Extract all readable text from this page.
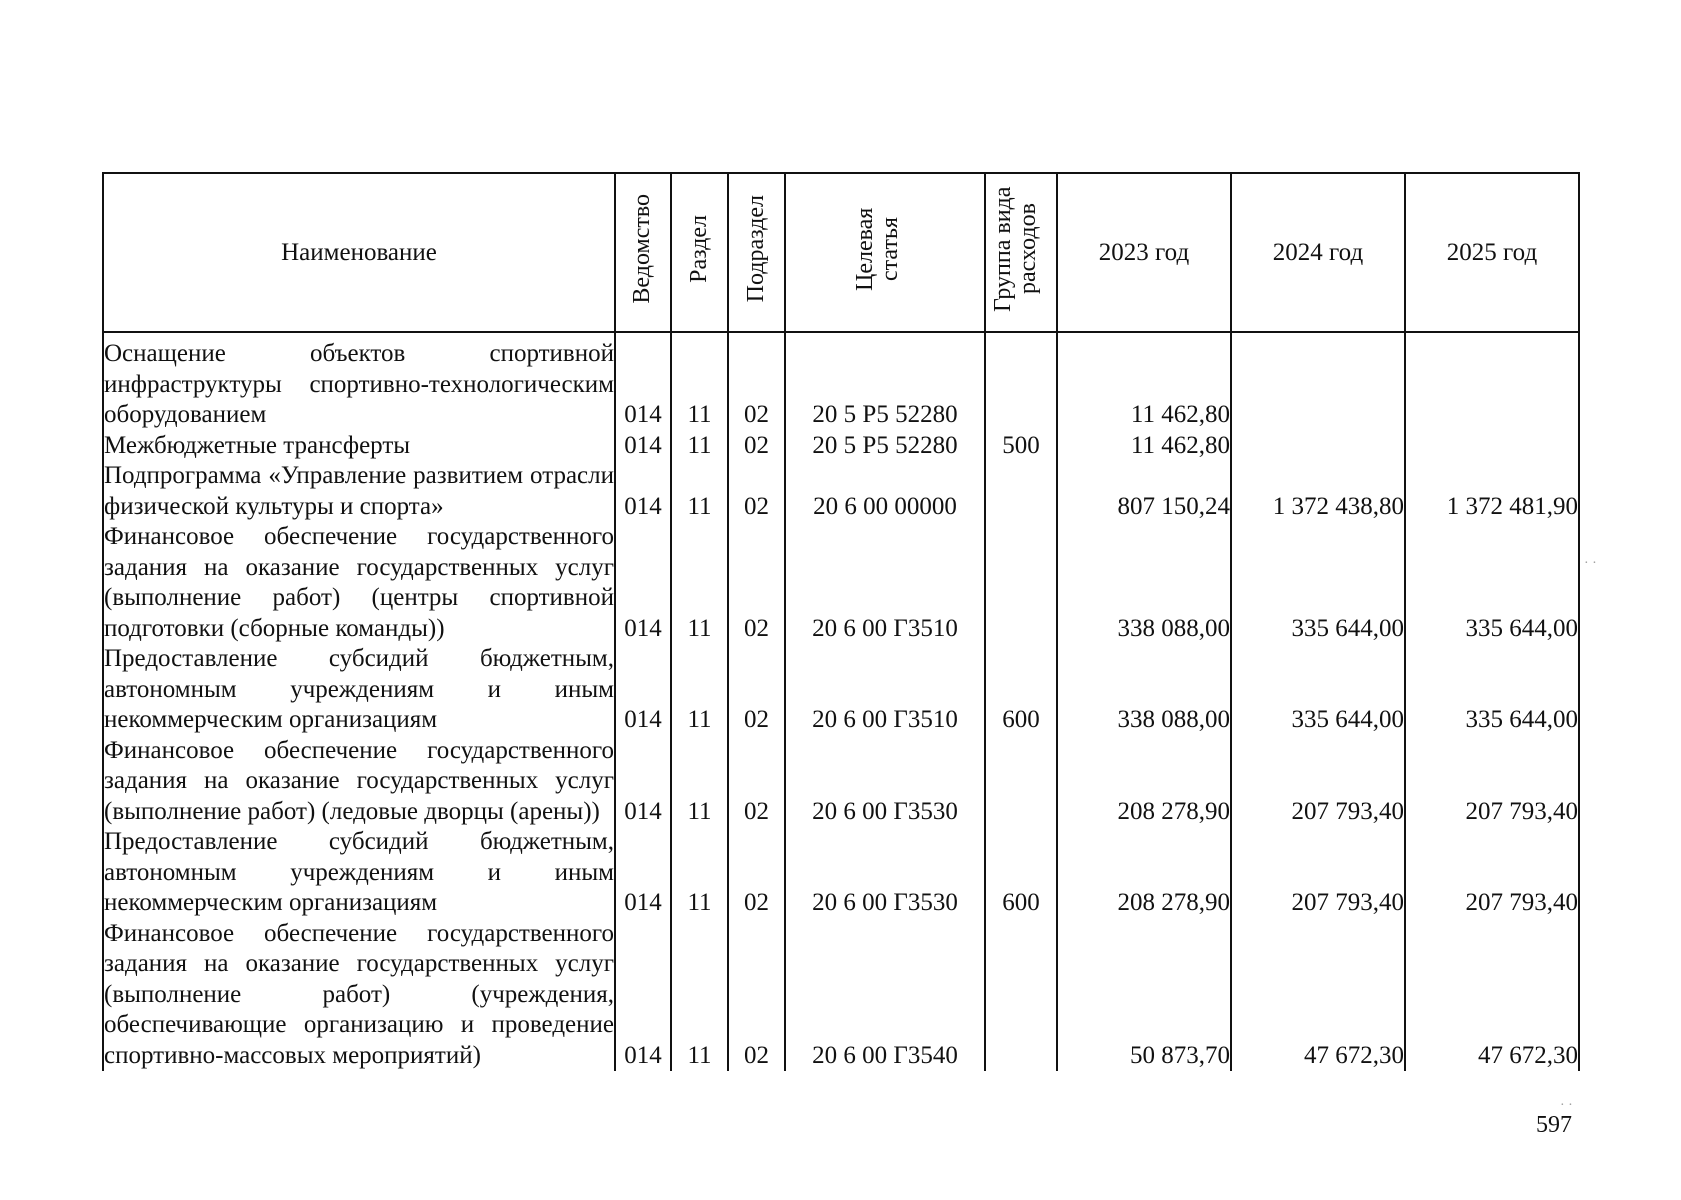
Наименование	Ведомство	Раздел	Подраздел	Целевая статья	Группа вида расходов	2023 год	2024 год	2025 год
Оснащение объектов спортивной инфраструктуры спортивно-технологическим оборудованием	014	11	02	20 5 Р5 52280		11 462,80		
Межбюджетные трансферты	014	11	02	20 5 Р5 52280	500	11 462,80		
Подпрограмма «Управление развитием отрасли физической культуры и спорта»	014	11	02	20 6 00 00000		807 150,24	1 372 438,80	1 372 481,90
Финансовое обеспечение государственного задания на оказание государственных услуг (выполнение работ) (центры спортивной подготовки (сборные команды))	014	11	02	20 6 00 Г3510		338 088,00	335 644,00	335 644,00
Предоставление субсидий бюджетным, автономным учреждениям и иным некоммерческим организациям	014	11	02	20 6 00 Г3510	600	338 088,00	335 644,00	335 644,00
Финансовое обеспечение государственного задания на оказание государственных услуг (выполнение работ) (ледовые дворцы (арены))	014	11	02	20 6 00 Г3530		208 278,90	207 793,40	207 793,40
Предоставление субсидий бюджетным, автономным учреждениям и иным некоммерческим организациям	014	11	02	20 6 00 Г3530	600	208 278,90	207 793,40	207 793,40
Финансовое обеспечение государственного задания на оказание государственных услуг (выполнение работ) (учреждения, обеспечивающие организацию и проведение спортивно-массовых мероприятий)	014	11	02	20 6 00 Г3540		50 873,70	47 672,30	47 672,30
597
· ·
· ·
